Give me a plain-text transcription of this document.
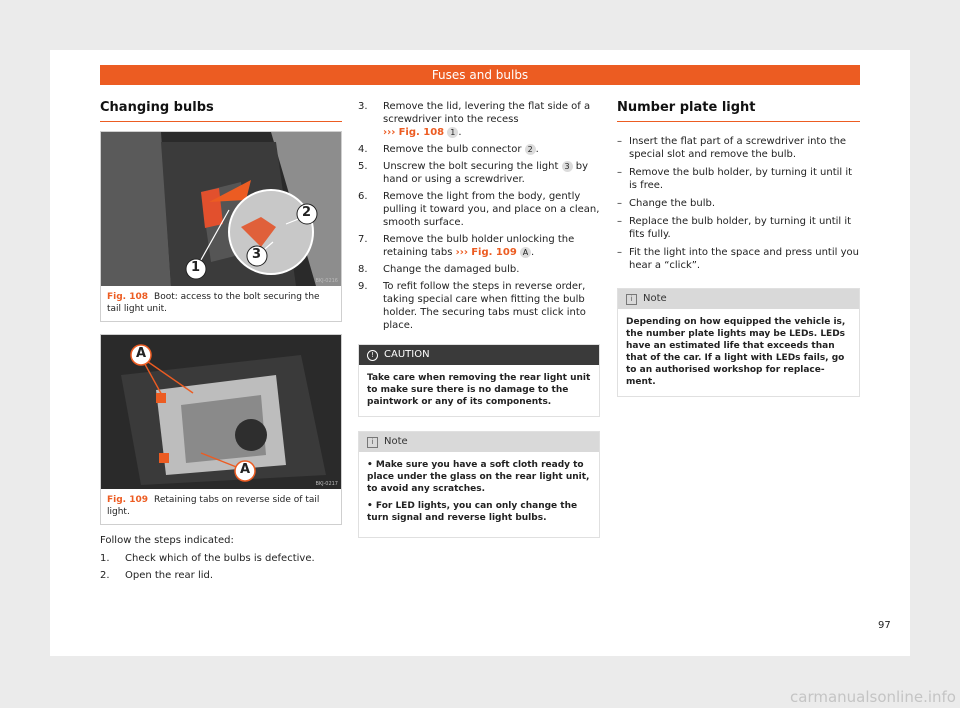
Fuses and bulbs
Changing bulbs
1
2
3
BKJ-0216
Fig. 108 Boot: access to the bolt securing the tail light unit.
A
A
BKJ-0217
Fig. 109 Retaining tabs on reverse side of tail light.

Follow the steps indicated:

1. Check which of the bulbs is defective.
2. Open the rear lid.
3. Remove the lid, levering the flat side of a screwdriver into the recess
››› Fig. 108 1 .
4. Remove the bulb connector 2 .
5. Unscrew the bolt securing the light 3 by hand or using a screwdriver.
6. Remove the light from the body, gently pulling it toward you, and place on a clean, smooth surface.
7. Remove the bulb holder unlocking the retaining tabs ››› Fig. 109 A .
8. Change the damaged bulb.
9. To refit follow the steps in reverse order, taking special care when fitting the bulb holder. The securing tabs must click into place.
! CAUTION
Take care when removing the rear light unit to make sure there is no damage to the paintwork or any of its components.
i Note

• Make sure you have a soft cloth ready to place under the glass on the rear light unit, to avoid any scratches.

• For LED lights, you can only change the turn signal and reverse light bulbs.

Number plate light
– Insert the flat part of a screwdriver into the special slot and remove the bulb.
– Remove the bulb holder, by turning it until it is free.
– Change the bulb.
– Replace the bulb holder, by turning it until it fits fully.
– Fit the light into the space and press until you hear a “click”.
i Note
Depending on how equipped the vehicle is, the number plate lights may be LEDs. LEDs have an estimated life that exceeds than that of the car. If a light with LEDs fails, go to an authorised workshop for replace-ment.
97
carmanualsonline.info
